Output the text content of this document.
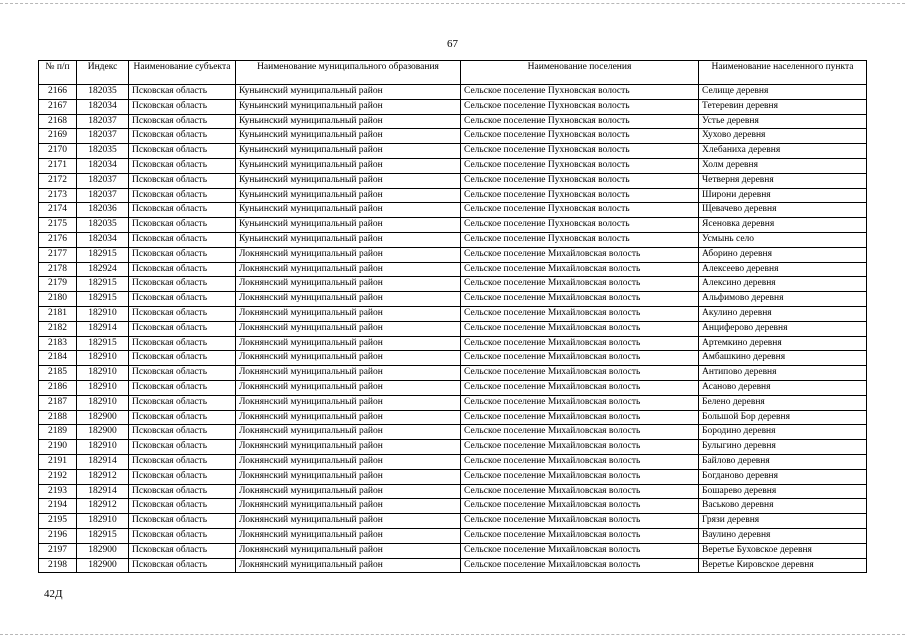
67
№ п/п	Индекс	Наименование субъекта	Наименование муниципального образования	Наименование поселения	Наименование населенного пункта
2166	182035	Псковская область	Куньинский муниципальный район	Сельское поселение Пухновская волость	Селище деревня
2167	182034	Псковская область	Куньинский муниципальный район	Сельское поселение Пухновская волость	Тетеревин деревня
2168	182037	Псковская область	Куньинский муниципальный район	Сельское поселение Пухновская волость	Устье деревня
2169	182037	Псковская область	Куньинский муниципальный район	Сельское поселение Пухновская волость	Хухово деревня
2170	182035	Псковская область	Куньинский муниципальный район	Сельское поселение Пухновская волость	Хлебаниха деревня
2171	182034	Псковская область	Куньинский муниципальный район	Сельское поселение Пухновская волость	Холм деревня
2172	182037	Псковская область	Куньинский муниципальный район	Сельское поселение Пухновская волость	Четверня деревня
2173	182037	Псковская область	Куньинский муниципальный район	Сельское поселение Пухновская волость	Широни деревня
2174	182036	Псковская область	Куньинский муниципальный район	Сельское поселение Пухновская волость	Щевачево деревня
2175	182035	Псковская область	Куньинский муниципальный район	Сельское поселение Пухновская волость	Ясеновка деревня
2176	182034	Псковская область	Куньинский муниципальный район	Сельское поселение Пухновская волость	Усмынь село
2177	182915	Псковская область	Локнянский муниципальный район	Сельское поселение Михайловская волость	Аборино деревня
2178	182924	Псковская область	Локнянский муниципальный район	Сельское поселение Михайловская волость	Алексеево деревня
2179	182915	Псковская область	Локнянский муниципальный район	Сельское поселение Михайловская волость	Алексино деревня
2180	182915	Псковская область	Локнянский муниципальный район	Сельское поселение Михайловская волость	Альфимово деревня
2181	182910	Псковская область	Локнянский муниципальный район	Сельское поселение Михайловская волость	Акулино деревня
2182	182914	Псковская область	Локнянский муниципальный район	Сельское поселение Михайловская волость	Анциферово деревня
2183	182915	Псковская область	Локнянский муниципальный район	Сельское поселение Михайловская волость	Артемкино деревня
2184	182910	Псковская область	Локнянский муниципальный район	Сельское поселение Михайловская волость	Амбашкино деревня
2185	182910	Псковская область	Локнянский муниципальный район	Сельское поселение Михайловская волость	Антипово деревня
2186	182910	Псковская область	Локнянский муниципальный район	Сельское поселение Михайловская волость	Асаново деревня
2187	182910	Псковская область	Локнянский муниципальный район	Сельское поселение Михайловская волость	Белено деревня
2188	182900	Псковская область	Локнянский муниципальный район	Сельское поселение Михайловская волость	Большой Бор деревня
2189	182900	Псковская область	Локнянский муниципальный район	Сельское поселение Михайловская волость	Бородино деревня
2190	182910	Псковская область	Локнянский муниципальный район	Сельское поселение Михайловская волость	Булыгино деревня
2191	182914	Псковская область	Локнянский муниципальный район	Сельское поселение Михайловская волость	Байлово деревня
2192	182912	Псковская область	Локнянский муниципальный район	Сельское поселение Михайловская волость	Богданово деревня
2193	182914	Псковская область	Локнянский муниципальный район	Сельское поселение Михайловская волость	Бошарево деревня
2194	182912	Псковская область	Локнянский муниципальный район	Сельское поселение Михайловская волость	Васьково деревня
2195	182910	Псковская область	Локнянский муниципальный район	Сельское поселение Михайловская волость	Грязи деревня
2196	182915	Псковская область	Локнянский муниципальный район	Сельское поселение Михайловская волость	Ваулино деревня
2197	182900	Псковская область	Локнянский муниципальный район	Сельское поселение Михайловская волость	Веретье Буховское деревня
2198	182900	Псковская область	Локнянский муниципальный район	Сельское поселение Михайловская волость	Веретье Кировское деревня
42Д
